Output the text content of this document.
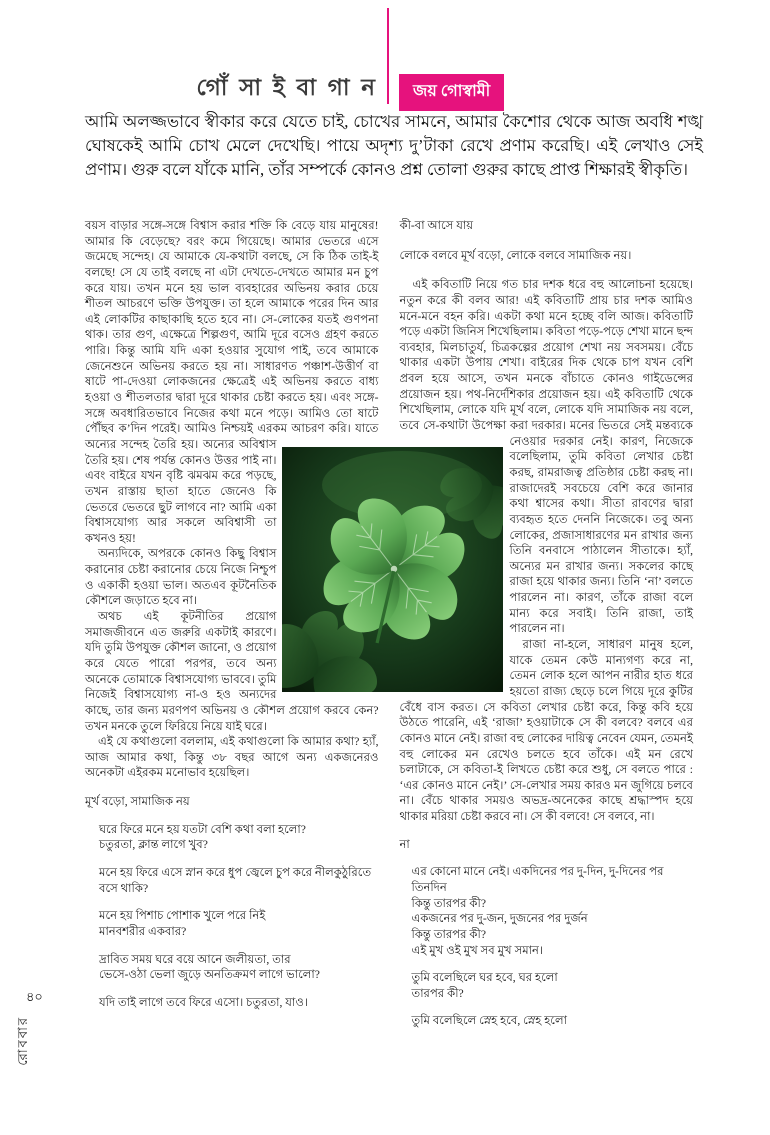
৪০
রোববার
গোঁ সা ই বা গা ন	জয় গোস্বামী

আমি অলজ্জভাবে স্বীকার করে যেতে চাই, চোখের সামনে, আমার কৈশোর থেকে আজ অবধি শঙ্খ ঘোষকেই আমি চোখ মেলে দেখেছি। পায়ে অদৃশ্য দু’টাকা রেখে প্রণাম করেছি। এই লেখাও সেই প্রণাম। গুরু বলে যাঁকে মানি, তাঁর সম্পর্কে কোনও প্রশ্ন তোলা গুরুর কাছে প্রাপ্ত শিক্ষারই স্বীকৃতি।

বয়স বাড়ার সঙ্গে-সঙ্গে বিশ্বাস করার শক্তি কি বেড়ে যায় মানুষের! আমার কি বেড়েছে? বরং কমে গিয়েছে। আমার ভেতরে এসে জমেছে সন্দেহ। যে আমাকে যে-কথাটা বলছে, সে কি ঠিক তাই-ই বলছে! সে যে তাই বলছে না এটা দেখতে-দেখতে আমার মন চুপ করে যায়। তখন মনে হয় ভাল ব্যবহারের অভিনয় করার চেয়ে শীতল আচরণে ভক্তি উপযুক্ত। তা হলে আমাকে পরের দিন আর এই লোকটির কাছাকাছি হতে হবে না। সে-লোকের যতই গুণপনা থাক। তার গুণ, এক্ষেত্রে শিল্পগুণ, আমি দূরে বসেও গ্রহণ করতে পারি। কিন্তু আমি যদি একা হওয়ার সুযোগ পাই, তবে আমাকে জেনেশুনে অভিনয় করতে হয় না। সাধারণত পঞ্চাশ-উত্তীর্ণ বা ষাটে পা-দেওয়া লোকজনের ক্ষেত্রেই এই অভিনয় করতে বাধ্য হওয়া ও শীতলতার দ্বারা দূরে থাকার চেষ্টা করতে হয়। এবং সঙ্গে-সঙ্গে অবধারিতভাবে নিজের কথা মনে পড়ে। আমিও তো ষাটে পৌঁছব ক’দিন পরেই। আমিও নিশ্চয়ই এরকম আচরণ করি। যাতে অন্যের সন্দেহ তৈরি হয়। অন্যের অবিশ্বাস তৈরি হয়। শেষ পর্যন্ত কোনও উত্তর পাই না। এবং বাইরে যখন বৃষ্টি ঝমঝম করে পড়ছে, তখন রাস্তায় ছাতা হাতে জেনেও কি ভেতরে ভেতরে ছুট লাগবে না? আমি একা বিশ্বাসযোগ্য আর সকলে অবিশ্বাসী তা কখনও হয়!

অন্যদিকে, অপরকে কোনও কিছু বিশ্বাস করানোর চেষ্টা করানোর চেয়ে নিজে নিশ্চুপ ও একাকী হওয়া ভাল। অতএব কূটনৈতিক কৌশলে জড়াতে হবে না।

অথচ এই কূটনীতির প্রয়োগ সমাজজীবনে এত জরুরি একটাই কারণে। যদি তুমি উপযুক্ত কৌশল জানো, ও প্রয়োগ করে যেতে পারো পরপর, তবে অন্য অনেকে তোমাকে বিশ্বাসযোগ্য ভাববে। তুমি নিজেই বিশ্বাসযোগ্য না-ও হও অন্যদের কাছে, তার জন্য মরণপণ অভিনয় ও কৌশল প্রয়োগ করবে কেন? তখন মনকে তুলে ফিরিয়ে নিয়ে যাই ঘরে।

এই যে কথাগুলো বললাম, এই কথাগুলো কি আমার কথা? হ্যাঁ, আজ আমার কথা, কিন্তু ৩৮ বছর আগে অন্য একজনেরও অনেকটা এইরকম মনোভাব হয়েছিল।

মূর্খ বড়ো, সামাজিক নয়
ঘরে ফিরে মনে হয় যতটা বেশি কথা বলা হলো?
চতুরতা, ক্লান্ত লাগে খুব?
মনে হয় ফিরে এসে স্নান করে ধুপ জ্বেলে চুপ করে নীলকুঠুরিতে
বসে থাকি?
মনে হয় পিশাচ পোশাক খুলে পরে নিই
মানবশরীর একবার?
দ্রাবিত সময় ঘরে বয়ে আনে জলীয়তা, তার
ভেসে-ওঠা ভেলা জুড়ে অনতিক্রমণ লাগে ভালো?
যদি তাই লাগে তবে ফিরে এসো। চতুরতা, যাও।
কী-বা আসে যায়
লোকে বলবে মূর্খ বড়ো, লোকে বলবে সামাজিক নয়।

এই কবিতাটি নিয়ে গত চার দশক ধরে বহু আলোচনা হয়েছে। নতুন করে কী বলব আর! এই কবিতাটি প্রায় চার দশক আমিও মনে-মনে বহন করি। একটা কথা মনে হচ্ছে বলি আজ। কবিতাটি পড়ে একটা জিনিস শিখেছিলাম। কবিতা পড়ে-পড়ে শেখা মানে ছন্দ ব্যবহার, মিলচাতুর্য, চিত্রকল্পের প্রয়োগ শেখা নয় সবসময়। বেঁচে থাকার একটা উপায় শেখা। বাইরের দিক থেকে চাপ যখন বেশি প্রবল হয়ে আসে, তখন মনকে বাঁচাতে কোনও গাইডেন্সের প্রয়োজন হয়। পথ-নির্দেশিকার প্রয়োজন হয়। এই কবিতাটি থেকে শিখেছিলাম, লোকে যদি মূর্খ বলে, লোকে যদি সামাজিক নয় বলে, তবে সে-কথাটা উপেক্ষা করা দরকার। মনের ভিতরে সেই মন্তব্যকে নেওয়ার দরকার নেই। কারণ, নিজেকে বলেছিলাম, তুমি কবিতা লেখার চেষ্টা করছ, রামরাজত্ব প্রতিষ্ঠার চেষ্টা করছ না। রাজাদেরই সবচেয়ে বেশি করে জানার কথা শ্বাসের কথা। সীতা রাবণের দ্বারা ব্যবহৃত হতে দেননি নিজেকে। তবু অন্য লোকের, প্রজাসাধারণের মন রাখার জন্য তিনি বনবাসে পাঠালেন সীতাকে। হ্যাঁ, অন্যের মন রাখার জন্য। সকলের কাছে রাজা হয়ে থাকার জন্য। তিনি ‘না’ বলতে পারলেন না। কারণ, তাঁকে রাজা বলে মান্য করে সবাই। তিনি রাজা, তাই পারলেন না।

রাজা না-হলে, সাধারণ মানুষ হলে, যাকে তেমন কেউ মান্যগণ্য করে না, তেমন লোক হলে আপন নারীর হাত ধরে হয়তো রাজ্য ছেড়ে চলে গিয়ে দূরে কুটির বেঁধে বাস করত। সে কবিতা লেখার চেষ্টা করে, কিন্তু কবি হয়ে উঠতে পারেনি, এই ‘রাজা’ হওয়াটাকে সে কী বলবে? বলবে এর কোনও মানে নেই। রাজা বহু লোকের দায়িত্ব নেবেন যেমন, তেমনই বহু লোকের মন রেখেও চলতে হবে তাঁকে। এই মন রেখে চলাটাকে, সে কবিতা-ই লিখতে চেষ্টা করে শুধু, সে বলতে পারে : ‘এর কোনও মানে নেই।’ সে-লেখার সময় কারও মন জুগিয়ে চলবে না। বেঁচে থাকার সময়ও অভদ্র-অনেকের কাছে শ্রদ্ধাস্পদ হয়ে থাকার মরিয়া চেষ্টা করবে না। সে কী বলবে! সে বলবে, না।

না
এর কোনো মানে নেই। একদিনের পর দু-দিন, দু-দিনের পর তিনদিন
কিন্তু তারপর কী?
একজনের পর দু-জন, দুজনের পর দুর্জন
কিন্তু তারপর কী?
এই মুখ ওই মুখ সব মুখ সমান।
তুমি বলেছিলে ঘর হবে, ঘর হলো
তারপর কী?
তুমি বলেছিলে স্নেহ হবে, স্নেহ হলো
